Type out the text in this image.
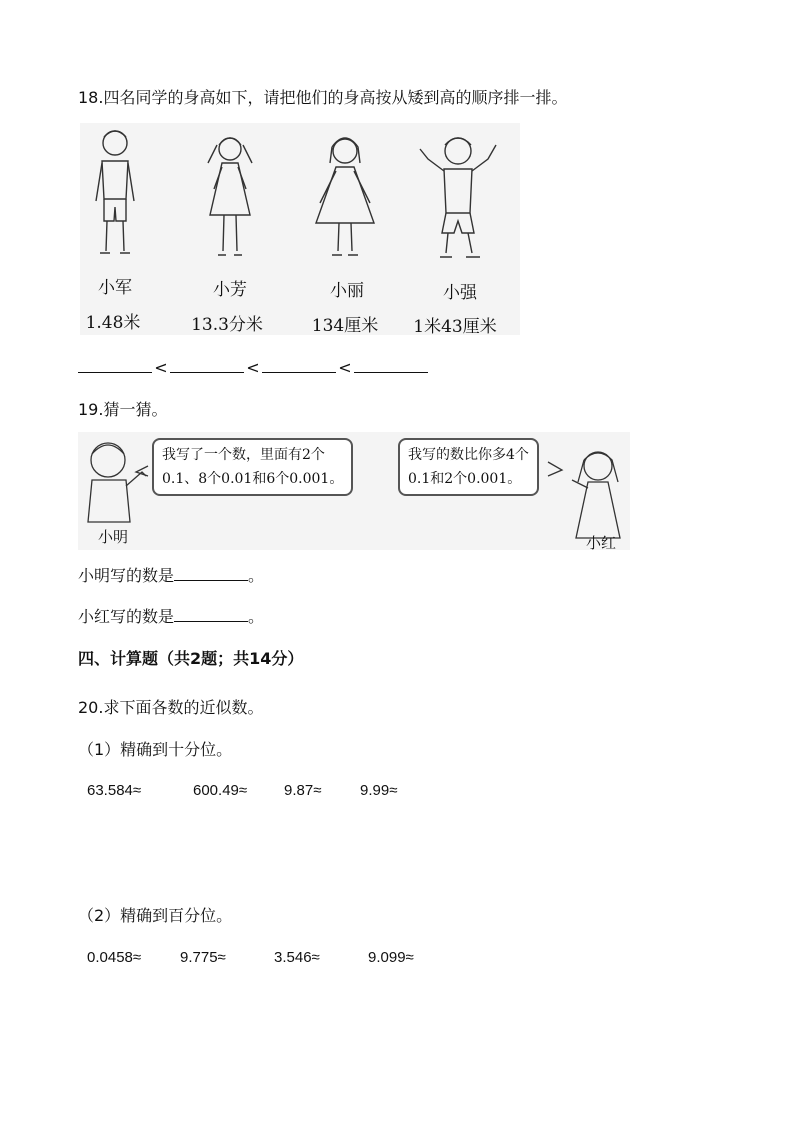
18.四名同学的身高如下，请把他们的身高按从矮到高的顺序排一排。
小军	小芳	小丽	小强
1.48米	13.3分米	134厘米	1米43厘米
<	<	<
19.猜一猜。
我写了一个数，里面有2个
0.1、8个0.01和6个0.001。
我写的数比你多4个
0.1和2个0.001。
小明	小红
小明写的数是	。
小红写的数是	。
四、计算题（共2题；共14分）
20.求下面各数的近似数。
（1）精确到十分位。
63.584≈	600.49≈ 9.87≈	9.99≈
（2）精确到百分位。
0.0458≈	9.775≈	3.546≈	9.099≈
